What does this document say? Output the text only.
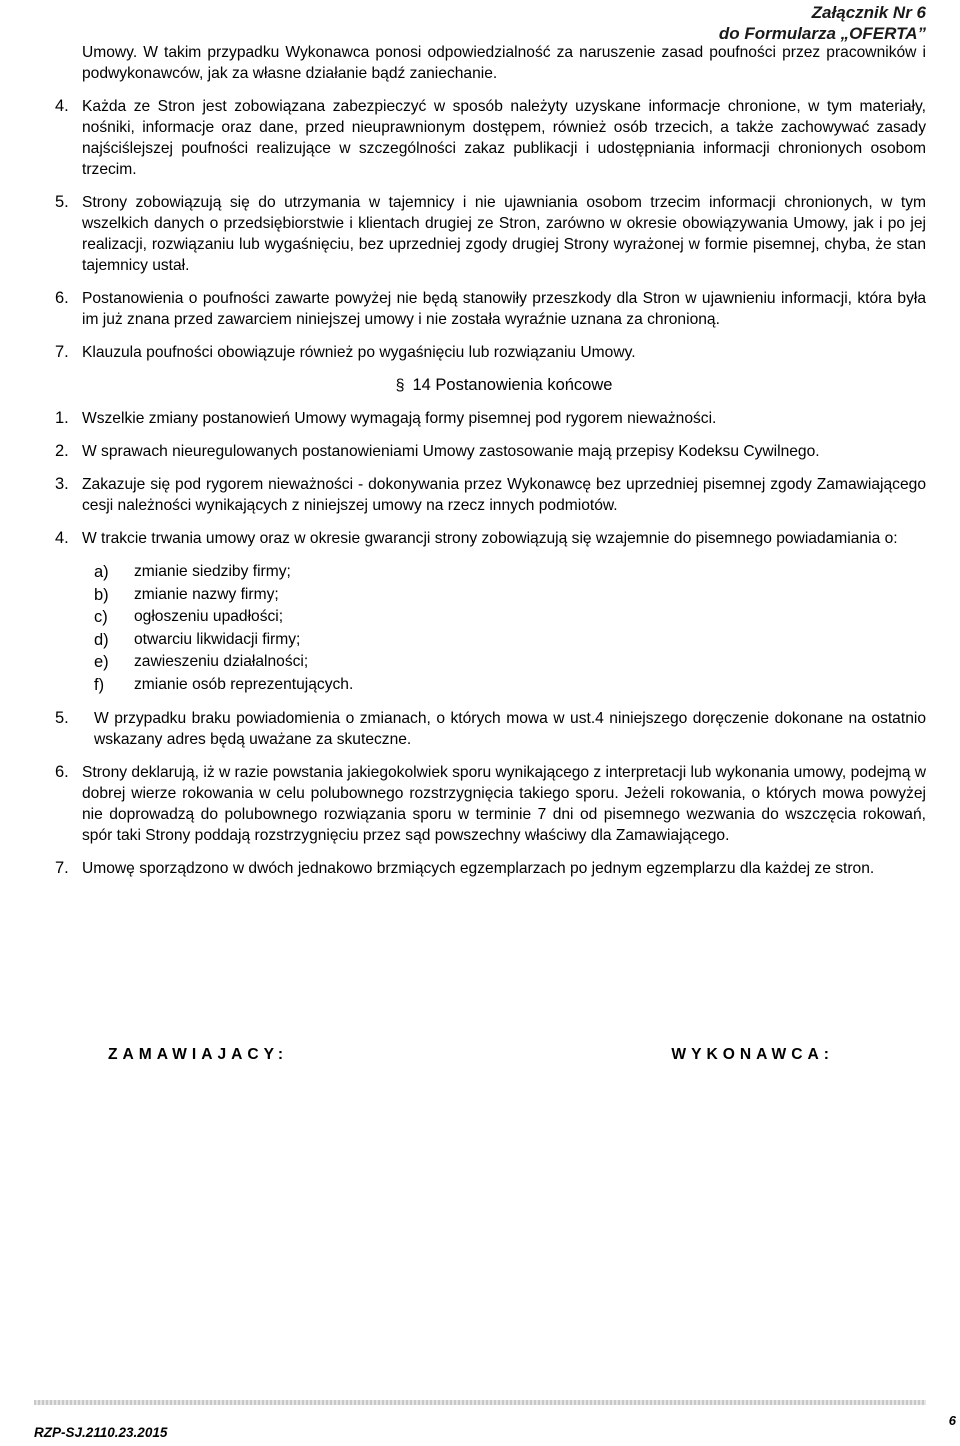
Załącznik Nr 6
do Formularza „OFERTA”
Umowy. W takim przypadku Wykonawca ponosi odpowiedzialność za naruszenie zasad poufności przez pracowników i podwykonawców, jak za własne działanie bądź zaniechanie.
4. Każda ze Stron jest zobowiązana zabezpieczyć w sposób należyty uzyskane informacje chronione, w tym materiały, nośniki, informacje oraz dane, przed nieuprawnionym dostępem, również osób trzecich, a także zachowywać zasady najściślejszej poufności realizujące w szczególności zakaz publikacji i udostępniania informacji chronionych osobom trzecim.
5. Strony zobowiązują się do utrzymania w tajemnicy i nie ujawniania osobom trzecim informacji chronionych, w tym wszelkich danych o przedsiębiorstwie i klientach drugiej ze Stron, zarówno w okresie obowiązywania Umowy, jak i po jej realizacji, rozwiązaniu lub wygaśnięciu, bez uprzedniej zgody drugiej Strony wyrażonej w formie pisemnej, chyba, że stan tajemnicy ustał.
6. Postanowienia o poufności zawarte powyżej nie będą stanowiły przeszkody dla Stron w ujawnieniu informacji, która była im już znana przed zawarciem niniejszej umowy i nie została wyraźnie uznana za chronioną.
7. Klauzula poufności obowiązuje również po wygaśnięciu lub rozwiązaniu Umowy.
§ 14 Postanowienia końcowe
1. Wszelkie zmiany postanowień Umowy wymagają formy pisemnej pod rygorem nieważności.
2. W sprawach nieuregulowanych postanowieniami Umowy zastosowanie mają przepisy Kodeksu Cywilnego.
3. Zakazuje się pod rygorem nieważności - dokonywania przez Wykonawcę bez uprzedniej pisemnej zgody Zamawiającego cesji należności wynikających z niniejszej umowy na rzecz innych podmiotów.
4. W trakcie trwania umowy oraz w okresie gwarancji strony zobowiązują się wzajemnie do pisemnego powiadamiania o:
a)	zmianie siedziby firmy;
b)	zmianie nazwy firmy;
c)	ogłoszeniu upadłości;
d)	otwarciu likwidacji firmy;
e)	zawieszeniu działalności;
f)	zmianie osób reprezentujących.
5. W przypadku braku powiadomienia o zmianach, o których mowa w ust.4 niniejszego doręczenie dokonane na ostatnio wskazany adres będą uważane za skuteczne.
6. Strony deklarują, iż w razie powstania jakiegokolwiek sporu wynikającego z interpretacji lub wykonania umowy, podejmą w dobrej wierze rokowania w celu polubownego rozstrzygnięcia takiego sporu. Jeżeli rokowania, o których mowa powyżej nie doprowadzą do polubownego rozwiązania sporu w terminie 7 dni od pisemnego wezwania do wszczęcia rokowań, spór taki Strony poddają rozstrzygnięciu przez sąd powszechny właściwy dla Zamawiającego.
7. Umowę sporządzono w dwóch jednakowo brzmiących egzemplarzach po jednym egzemplarzu dla każdej ze stron.
ZAMAWIAJACY:	WYKONAWCA:
RZP-SJ.2110.23.2015
6
